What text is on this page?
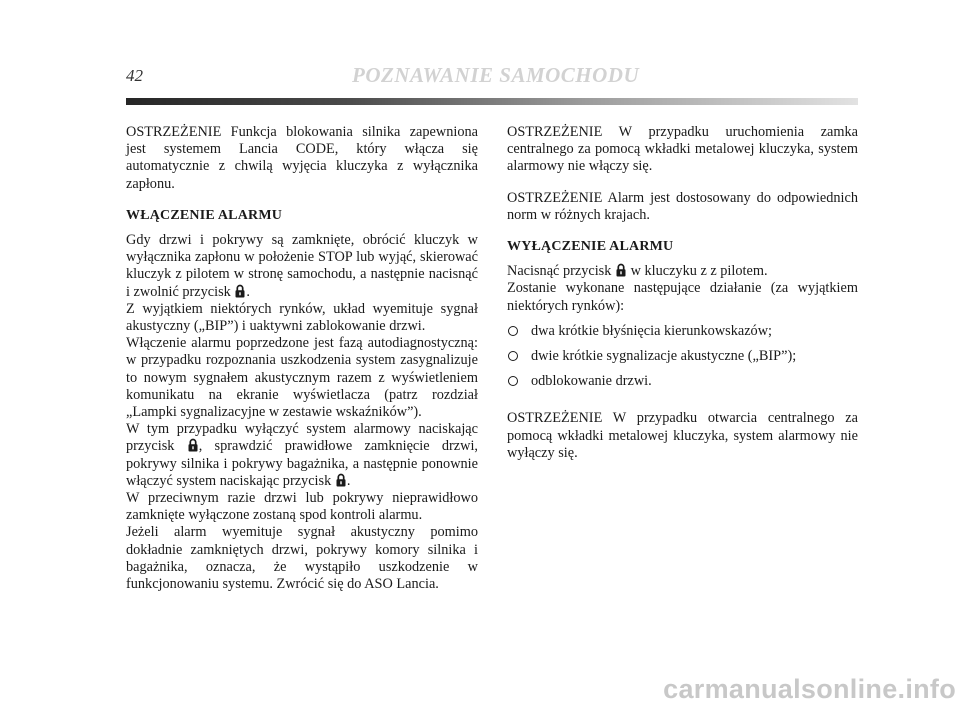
42	POZNAWANIE SAMOCHODU

OSTRZEŻENIE Funkcja blokowania silnika zapewniona jest systemem Lancia CODE, który włącza się automatycznie z chwilą wyjęcia kluczyka z wyłącznika zapłonu.

WŁĄCZENIE ALARMU

Gdy drzwi i pokrywy są zamknięte, obrócić kluczyk w wyłącznika zapłonu w położenie STOP lub wyjąć, skierować kluczyk z pilotem w stronę samochodu, a następnie nacisnąć i zwolnić przycisk .

Z wyjątkiem niektórych rynków, układ wyemituje sygnał akustyczny („BIP”) i uaktywni zablokowanie drzwi.

Włączenie alarmu poprzedzone jest fazą autodiagnostyczną: w przypadku rozpoznania uszkodzenia system zasygnalizuje to nowym sygnałem akustycznym razem z wyświetleniem komunikatu na ekranie wyświetlacza (patrz rozdział „Lampki sygnalizacyjne w zestawie wskaźników”).

W tym przypadku wyłączyć system alarmowy naciskając przycisk , sprawdzić prawidłowe zamknięcie drzwi, pokrywy silnika i pokrywy bagażnika, a następnie ponownie włączyć system naciskając przycisk .

W przeciwnym razie drzwi lub pokrywy nieprawidłowo zamknięte wyłączone zostaną spod kontroli alarmu.

Jeżeli alarm wyemituje sygnał akustyczny pomimo dokładnie zamkniętych drzwi, pokrywy komory silnika i bagażnika, oznacza, że wystąpiło uszkodzenie w funkcjonowaniu systemu. Zwrócić się do ASO Lancia.

OSTRZEŻENIE W przypadku uruchomienia zamka centralnego za pomocą wkładki metalowej kluczyka, system alarmowy nie włączy się.

OSTRZEŻENIE Alarm jest dostosowany do odpowiednich norm w różnych krajach.

WYŁĄCZENIE ALARMU

Nacisnąć przycisk w kluczyku z z pilotem.

Zostanie wykonane następujące działanie (za wyjątkiem niektórych rynków):

dwa krótkie błyśnięcia kierunkowskazów;
dwie krótkie sygnalizacje akustyczne („BIP”);
odblokowanie drzwi.

OSTRZEŻENIE W przypadku otwarcia centralnego za pomocą wkładki metalowej kluczyka, system alarmowy nie wyłączy się.

carmanualsonline.info
